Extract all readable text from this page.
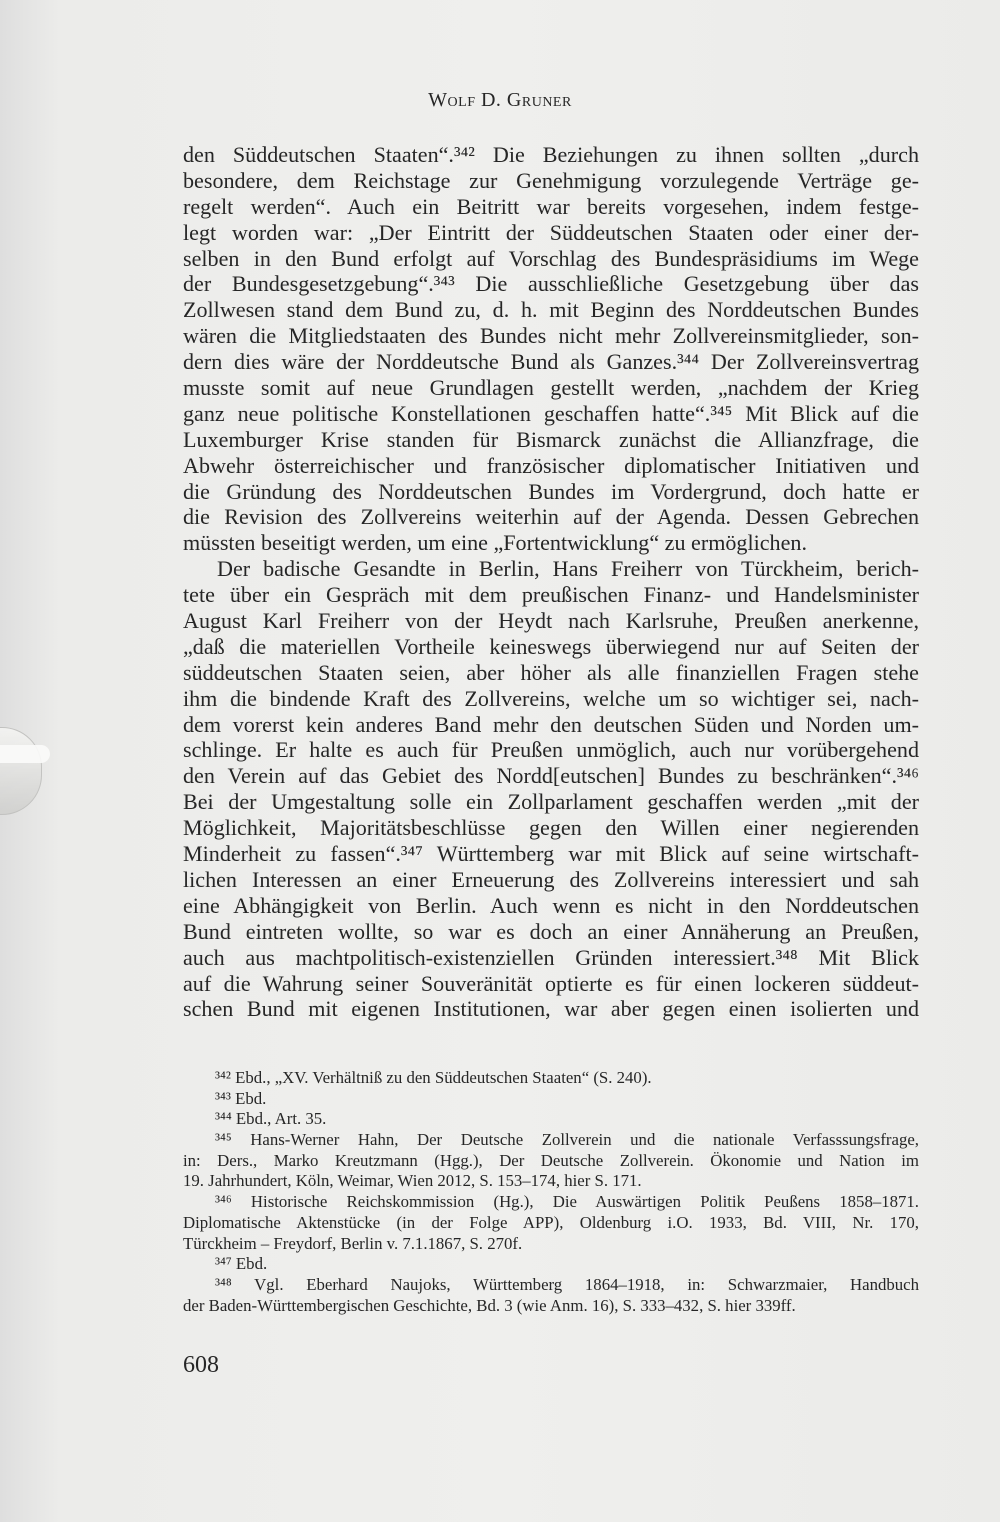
Wolf D. Gruner
den Süddeutschen Staaten“.³⁴² Die Beziehungen zu ihnen sollten „durch
besondere, dem Reichstage zur Genehmigung vorzulegende Verträge ge-
regelt werden“. Auch ein Beitritt war bereits vorgesehen, indem festge-
legt worden war: „Der Eintritt der Süddeutschen Staaten oder einer der-
selben in den Bund erfolgt auf Vorschlag des Bundespräsidiums im Wege
der Bundesgesetzgebung“.³⁴³ Die ausschließliche Gesetzgebung über das
Zollwesen stand dem Bund zu, d. h. mit Beginn des Norddeutschen Bundes
wären die Mitgliedstaaten des Bundes nicht mehr Zollvereinsmitglieder, son-
dern dies wäre der Norddeutsche Bund als Ganzes.³⁴⁴ Der Zollvereinsvertrag
musste somit auf neue Grundlagen gestellt werden, „nachdem der Krieg
ganz neue politische Konstellationen geschaffen hatte“.³⁴⁵ Mit Blick auf die
Luxemburger Krise standen für Bismarck zunächst die Allianzfrage, die
Abwehr österreichischer und französischer diplomatischer Initiativen und
die Gründung des Norddeutschen Bundes im Vordergrund, doch hatte er
die Revision des Zollvereins weiterhin auf der Agenda. Dessen Gebrechen
müssten beseitigt werden, um eine „Fortentwicklung“ zu ermöglichen.
Der badische Gesandte in Berlin, Hans Freiherr von Türckheim, berich-
tete über ein Gespräch mit dem preußischen Finanz- und Handelsminister
August Karl Freiherr von der Heydt nach Karlsruhe, Preußen anerkenne,
„daß die materiellen Vortheile keineswegs überwiegend nur auf Seiten der
süddeutschen Staaten seien, aber höher als alle finanziellen Fragen stehe
ihm die bindende Kraft des Zollvereins, welche um so wichtiger sei, nach-
dem vorerst kein anderes Band mehr den deutschen Süden und Norden um-
schlinge. Er halte es auch für Preußen unmöglich, auch nur vorübergehend
den Verein auf das Gebiet des Nordd[eutschen] Bundes zu beschränken“.³⁴⁶
Bei der Umgestaltung solle ein Zollparlament geschaffen werden „mit der
Möglichkeit, Majoritätsbeschlüsse gegen den Willen einer negierenden
Minderheit zu fassen“.³⁴⁷ Württemberg war mit Blick auf seine wirtschaft-
lichen Interessen an einer Erneuerung des Zollvereins interessiert und sah
eine Abhängigkeit von Berlin. Auch wenn es nicht in den Norddeutschen
Bund eintreten wollte, so war es doch an einer Annäherung an Preußen,
auch aus machtpolitisch-existenziellen Gründen interessiert.³⁴⁸ Mit Blick
auf die Wahrung seiner Souveränität optierte es für einen lockeren süddeut-
schen Bund mit eigenen Institutionen, war aber gegen einen isolierten und
³⁴² Ebd., „XV. Verhältniß zu den Süddeutschen Staaten“ (S. 240).
³⁴³ Ebd.
³⁴⁴ Ebd., Art. 35.
³⁴⁵ Hans-Werner Hahn, Der Deutsche Zollverein und die nationale Verfasssungsfrage,
in: Ders., Marko Kreutzmann (Hgg.), Der Deutsche Zollverein. Ökonomie und Nation im
19. Jahrhundert, Köln, Weimar, Wien 2012, S. 153–174, hier S. 171.
³⁴⁶ Historische Reichskommission (Hg.), Die Auswärtigen Politik Peußens 1858–1871.
Diplomatische Aktenstücke (in der Folge APP), Oldenburg i.O. 1933, Bd. VIII, Nr. 170,
Türckheim – Freydorf, Berlin v. 7.1.1867, S. 270f.
³⁴⁷ Ebd.
³⁴⁸ Vgl. Eberhard Naujoks, Württemberg 1864–1918, in: Schwarzmaier, Handbuch
der Baden-Württembergischen Geschichte, Bd. 3 (wie Anm. 16), S. 333–432, S. hier 339ff.
608
